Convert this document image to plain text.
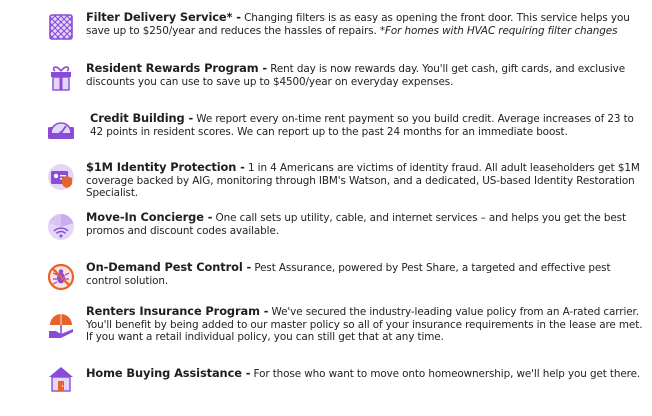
Filter Delivery Service* - Changing filters is as easy as opening the front door. This service helps you save up to $250/year and reduces the hassles of repairs. *For homes with HVAC requiring filter changes
Resident Rewards Program - Rent day is now rewards day. You'll get cash, gift cards, and exclusive discounts you can use to save up to $4500/year on everyday expenses.
Credit Building - We report every on-time rent payment so you build credit. Average increases of 23 to 42 points in resident scores. We can report up to the past 24 months for an immediate boost.
$1M Identity Protection - 1 in 4 Americans are victims of identity fraud. All adult leaseholders get $1M coverage backed by AIG, monitoring through IBM's Watson, and a dedicated, US-based Identity Restoration Specialist.
Move-In Concierge - One call sets up utility, cable, and internet services – and helps you get the best promos and discount codes available.
On-Demand Pest Control - Pest Assurance, powered by Pest Share, a targeted and effective pest control solution.
Renters Insurance Program - We've secured the industry-leading value policy from an A-rated carrier. You'll benefit by being added to our master policy so all of your insurance requirements in the lease are met. If you want a retail individual policy, you can still get that at any time.
Home Buying Assistance - For those who want to move onto homeownership, we'll help you get there.
